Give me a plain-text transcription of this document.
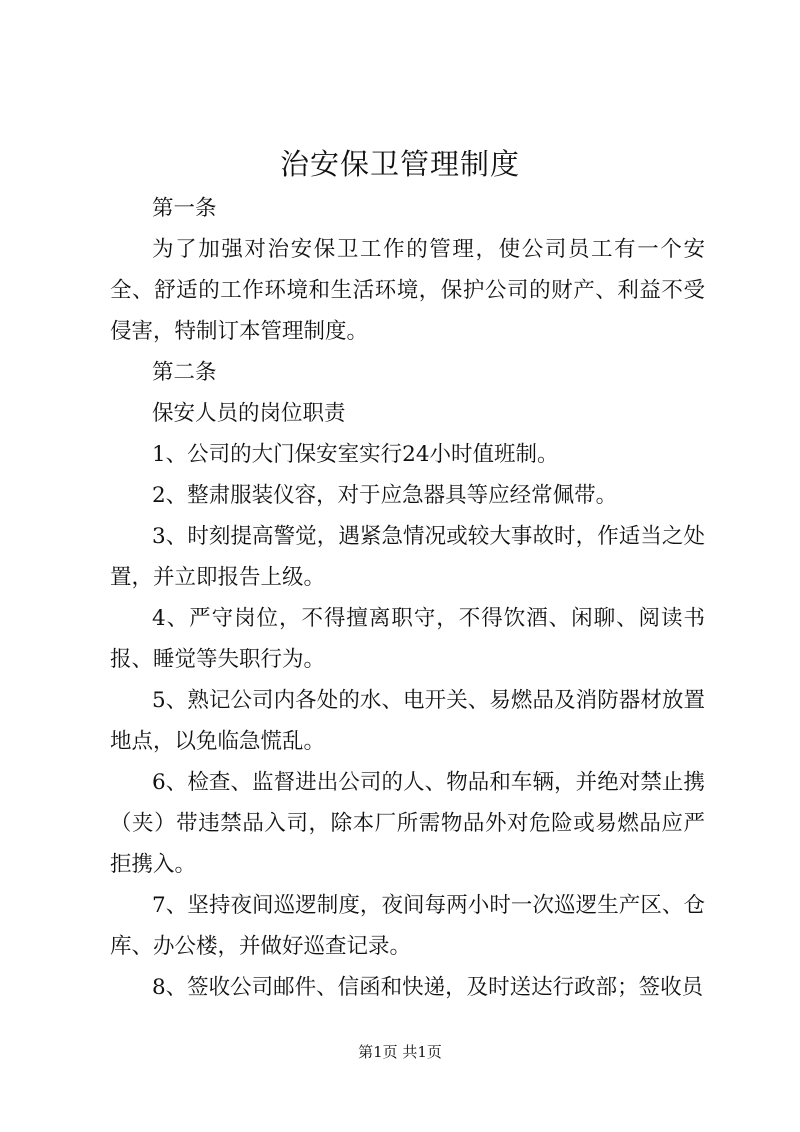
治安保卫管理制度

第一条

为了加强对治安保卫工作的管理，使公司员工有一个安全、舒适的工作环境和生活环境，保护公司的财产、利益不受侵害，特制订本管理制度。

第二条

保安人员的岗位职责

1、公司的大门保安室实行24小时值班制。

2、整肃服装仪容，对于应急器具等应经常佩带。

3、时刻提高警觉，遇紧急情况或较大事故时，作适当之处置，并立即报告上级。

4、严守岗位，不得擅离职守，不得饮酒、闲聊、阅读书报、睡觉等失职行为。

5、熟记公司内各处的水、电开关、易燃品及消防器材放置地点，以免临急慌乱。

6、检查、监督进出公司的人、物品和车辆，并绝对禁止携（夹）带违禁品入司，除本厂所需物品外对危险或易燃品应严拒携入。

7、坚持夜间巡逻制度，夜间每两小时一次巡逻生产区、仓库、办公楼，并做好巡查记录。

8、签收公司邮件、信函和快递，及时送达行政部；签收员

第1页 共1页
